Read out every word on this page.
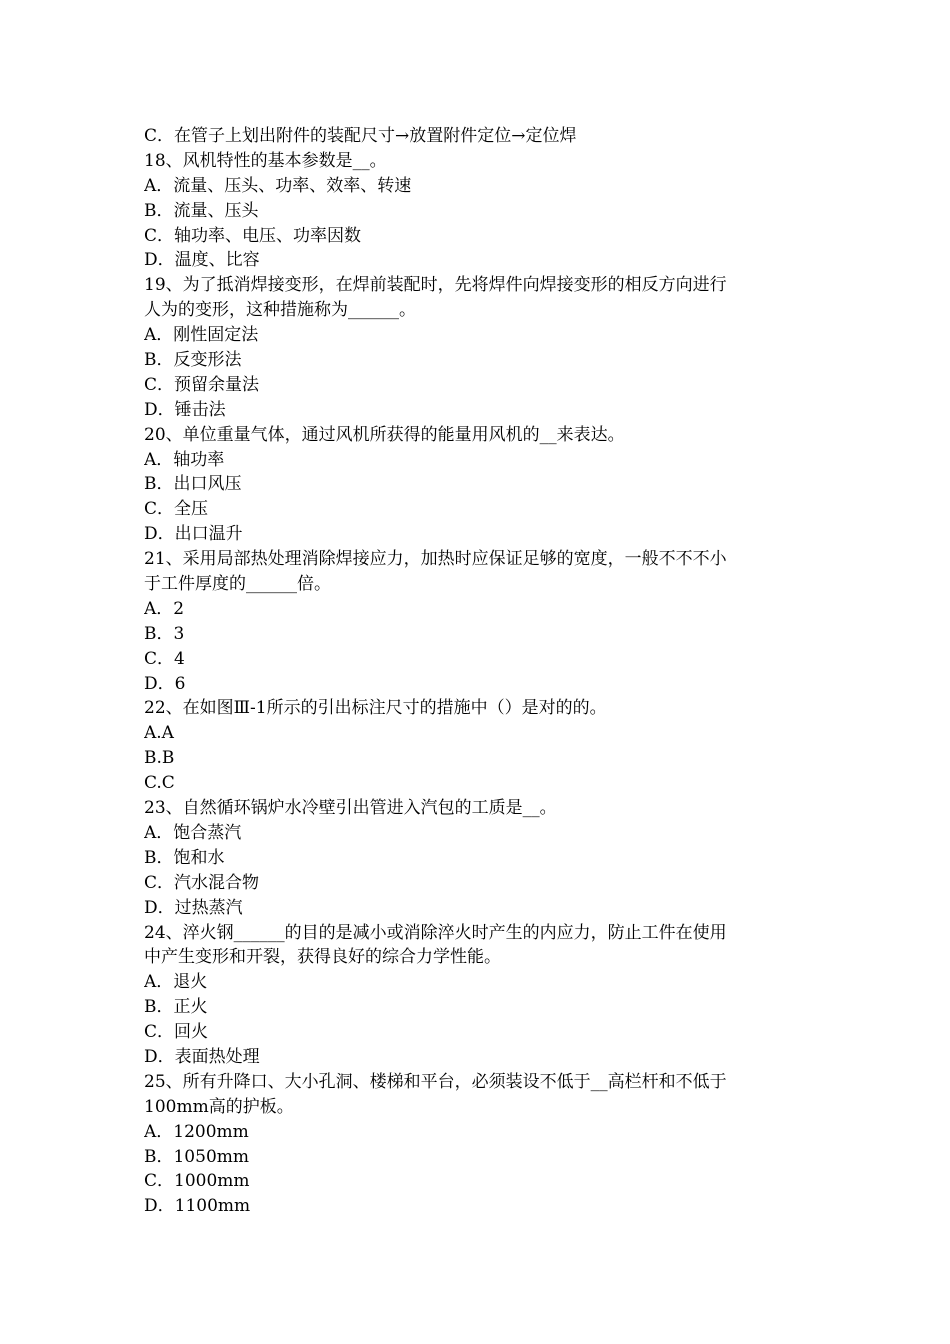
C．在管子上划出附件的装配尺寸→放置附件定位→定位焊
18、风机特性的基本参数是__。
A．流量、压头、功率、效率、转速
B．流量、压头
C．轴功率、电压、功率因数
D．温度、比容
19、为了抵消焊接变形，在焊前装配时，先将焊件向焊接变形的相反方向进行
人为的变形，这种措施称为______。
A．刚性固定法
B．反变形法
C．预留余量法
D．锤击法
20、单位重量气体，通过风机所获得的能量用风机的__来表达。
A．轴功率
B．出口风压
C．全压
D．出口温升
21、采用局部热处理消除焊接应力，加热时应保证足够的宽度，一般不不不小
于工件厚度的______倍。
A．2
B．3
C．4
D．6
22、在如图Ⅲ-1所示的引出标注尺寸的措施中（）是对的的。
A.A
B.B
C.C
23、自然循环锅炉水冷壁引出管进入汽包的工质是__。
A．饱合蒸汽
B．饱和水
C．汽水混合物
D．过热蒸汽
24、淬火钢______的目的是减小或消除淬火时产生的内应力，防止工件在使用
中产生变形和开裂，获得良好的综合力学性能。
A．退火
B．正火
C．回火
D．表面热处理
25、所有升降口、大小孔洞、楼梯和平台，必须装设不低于__高栏杆和不低于
100mm高的护板。
A．1200mm
B．1050mm
C．1000mm
D．1100mm
